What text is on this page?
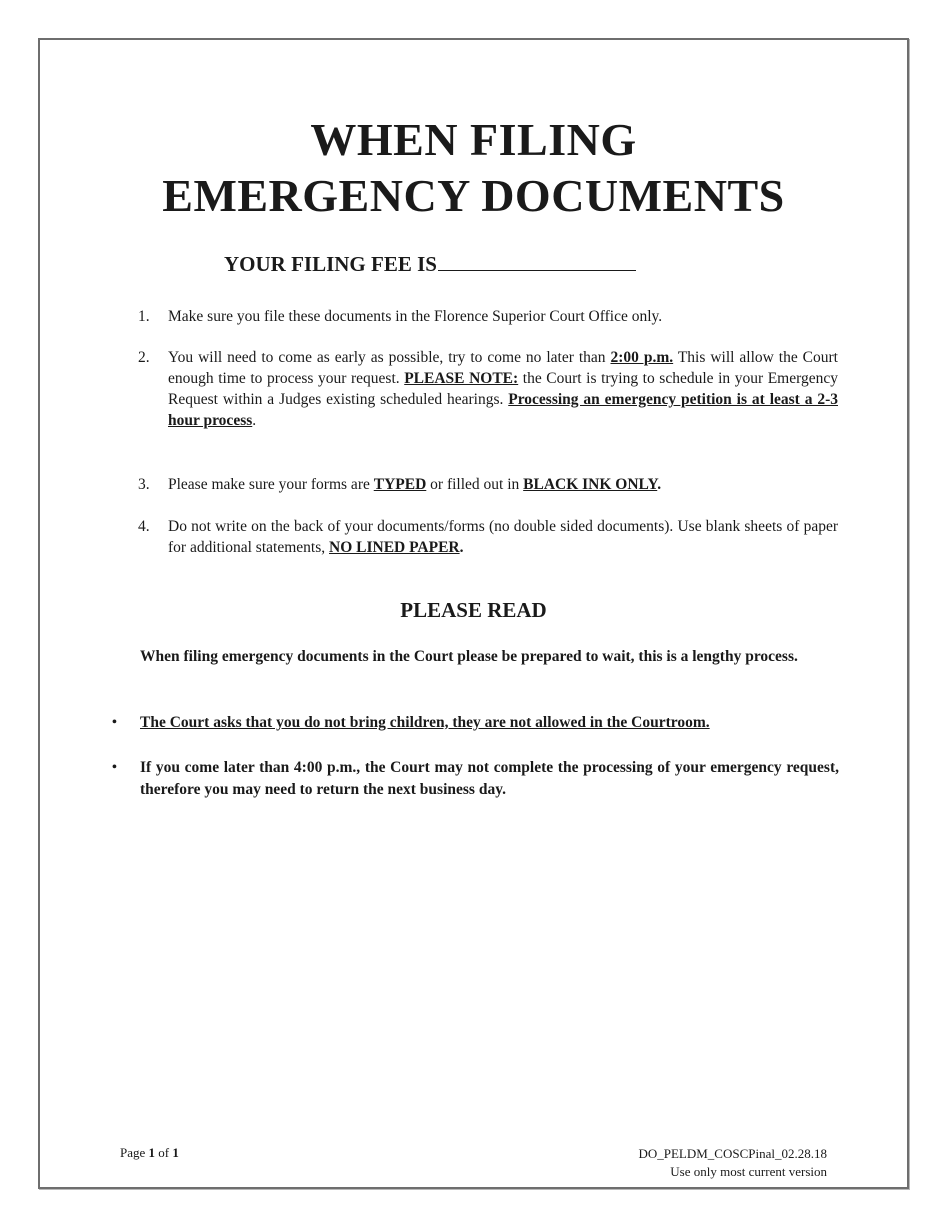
WHEN FILING
EMERGENCY DOCUMENTS
YOUR FILING FEE IS
1. Make sure you file these documents in the Florence Superior Court Office only.
2. You will need to come as early as possible, try to come no later than 2:00 p.m. This will allow the Court enough time to process your request. PLEASE NOTE: the Court is trying to schedule in your Emergency Request within a Judges existing scheduled hearings. Processing an emergency petition is at least a 2-3 hour process.
3. Please make sure your forms are TYPED or filled out in BLACK INK ONLY.
4. Do not write on the back of your documents/forms (no double sided documents). Use blank sheets of paper for additional statements, NO LINED PAPER.
PLEASE READ
When filing emergency documents in the Court please be prepared to wait, this is a lengthy process.
• The Court asks that you do not bring children, they are not allowed in the Courtroom.
• If you come later than 4:00 p.m., the Court may not complete the processing of your emergency request, therefore you may need to return the next business day.
Page 1 of 1	DO_PELDM_COSCPinal_02.28.18
Use only most current version
